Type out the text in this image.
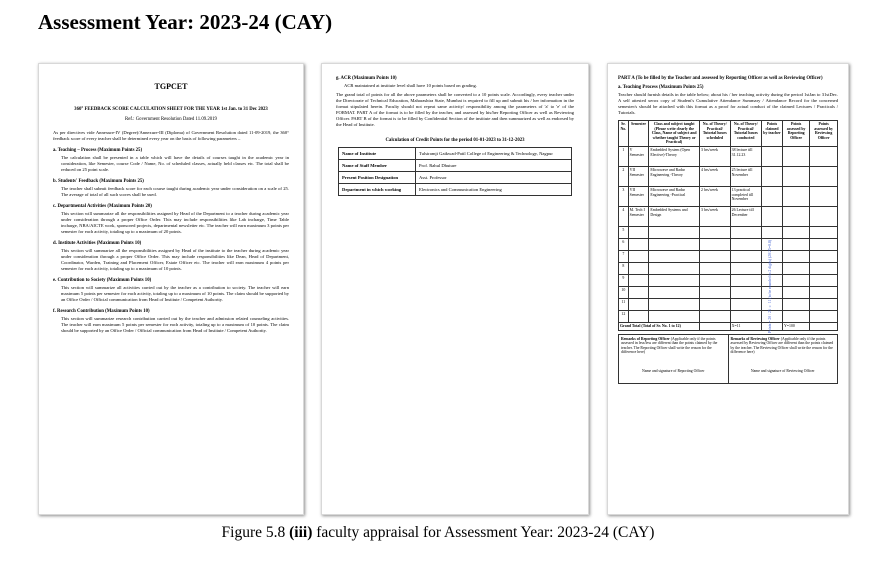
Assessment Year: 2023-24 (CAY)
TGPCET
360° FEEDBACK SCORE CALCULATION SHEET FOR THE YEAR 1st Jan. to 31 Dec 2023
Ref.: Government Resolution Dated 11.09.2019
As per directives vide Annexure-IV (Degree)/Annexure-III (Diploma) of Government Resolution dated 11-09-2019, the 360° feedback score of every teacher shall be determined every year on the basis of following parameters –
a. Teaching – Process (Maximum Points 25)
The calculation shall be presented in a table which will have the details of courses taught in the academic year in consideration, like Semester, course Code / Name, No. of scheduled classes, actually held classes etc. The total shall be reduced on 25 point scale.
b. Students' Feedback (Maximum Points 25)
The teacher shall submit feedback score for each course taught during academic year under consideration on a scale of 25. The average of total of all such scores shall be used.
c. Departmental Activities (Maximum Points 20)
This section will summarize all the responsibilities assigned by Head of the Department to a teacher during academic year under consideration through a proper Office Order. This may include responsibilities like Lab incharge, Time Table incharge, NBA/AICTE work, sponsored projects, departmental newsletter etc. The teacher will earn maximum 3 points per semester for each activity, totaling up to a maximum of 20 points.
d. Institute Activities (Maximum Points 10)
This section will summarize all the responsibilities assigned by Head of the institute to the teacher during academic year under consideration through a proper Office Order. This may include responsibilities like Dean, Head of Department, Coordinator, Warden, Training and Placement Officer, Estate Officer etc. The teacher will earn maximum 4 points per semester for each activity, totaling up to a maximum of 10 points.
e. Contribution to Society (Maximum Points 10)
This section will summarize all activities carried out by the teacher as a contribution to society. The teacher will earn maximum 5 points per semester for each activity, totaling up to a maximum of 10 points. The claim should be supported by an Office Order / Official communication from Head of Institute / Competent Authority.
f. Research Contribution (Maximum Points 10)
This section will summarize research contribution carried out by the teacher and admission related counseling activities. The teacher will earn maximum 5 points per semester for each activity, totaling up to a maximum of 10 points. The claim should be supported by an Office Order / Official communication from Head of Institute / Competent Authority.
g. ACR (Maximum Points 10)
ACR maintained at institute level shall have 10 points based on grading.
The grand total of points for all the above parameters shall be converted to a 10 points scale. Accordingly, every teacher under the Directorate of Technical Education, Maharashtra State, Mumbai is required to fill up and submit his / her information in the format stipulated herein. Faculty should not repeat same activity/ responsibility among the parameters of 'a' to 'e' of the FORMAT. PART A of the format is to be filled by the teacher, and assessed by his/her Reporting Officer as well as Reviewing Officer. PART B of the format is to be filled by Confidential Section of the institute and then summarized as well as endorsed by the Head of Institute.
Calculation of Credit Points for the period 01-01-2023 to 31-12-2023
Name of Institute	Tulsiramji Gaikwad-Patil College of Engineering & Technology, Nagpur
Name of Staff Member	Prof. Rahul Dhuture
Present Position Designation	Asst. Professor
Department in which working	Electronics and Communication Engineering
PART A (To be filled by the Teacher and assessed by Reporting Officer as well as Reviewing Officer)
a. Teaching Process (Maximum Points 25)
Teacher should furnish details in the table below; about his / her teaching activity during the period 1stJan to 31stDec. A self attested xerox copy of Student's Cumulative Attendance Summary / Attendance Record for the concerned semester/s should be attached with this format as a proof for actual conduct of the claimed Lectures / Practicals / Tutorials.
Sr. No.	Semester	Class and subject taught (Please write clearly the Class, Name of subject and whether taught Theory or Practical)	No. of Theory/ Practical/ Tutorial hours scheduled	No. of Theory/ Practical/ Tutorial hours conducted	Points claimed by teacher	Points assessed by Reporting Officer	Points assessed by Reviewing Officer
1	V Semester	Embedded System (Open Elective)-Theory	3 hrs/week	38 lecture till 31.12.23			
2	VII Semester	Microwave and Radar Engineering -Theory	4 hrs/week	25 lecture till November			
3	VII Semester	Microwave and Radar Engineering -Practical	2 hrs/week	13 practical completed till November			
4	M. Tech I Semester	Embedded Systems and Design	3 hrs/week	26 Lecture till December			
5							
6							
7							
8							
9							
10							
11							
12							
Grand Total (Total of Sr. No. 1 to 12)				X=11		Y=100	
Points = 20 / 25 × 11 (to be rounded to 2 digits) (20/25=0.8)
Remarks of Reporting Officer (Applicable only if the points assessed in less/less are different than the points claimed by the teacher. The Reporting Officer shall write the reason for the difference here)
Name and signature of Reporting Officer
	Remarks of Reviewing Officer (Applicable only if the points assessed by Reviewing Officer are different than the points claimed by the teacher. The Reviewing Officer shall write the reason for the difference here)
Name and signature of Reviewing Officer
Figure 5.8 (iii) faculty appraisal for Assessment Year: 2023-24 (CAY)
